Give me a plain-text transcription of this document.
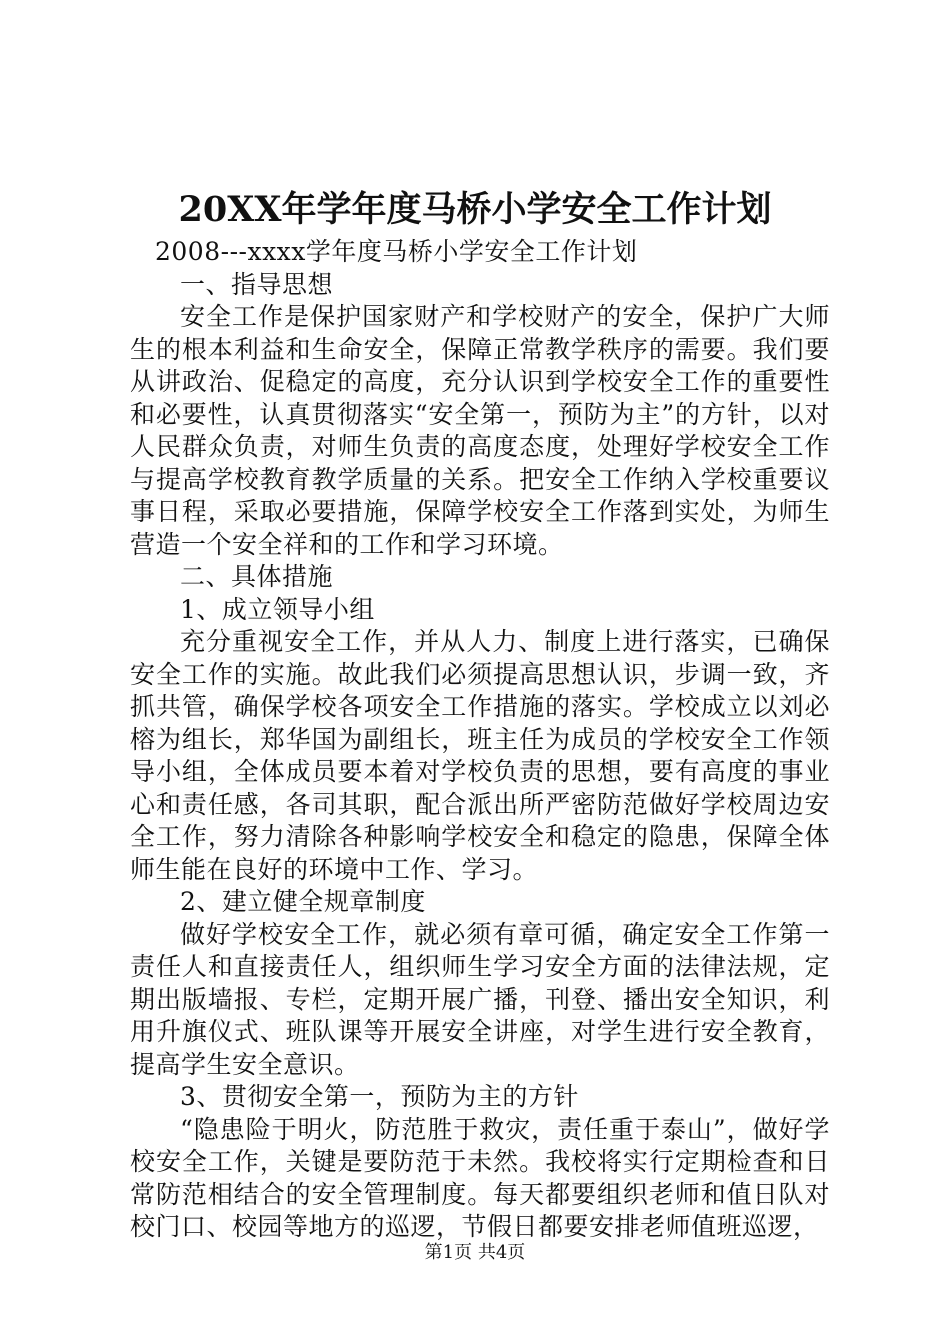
20XX年学年度马桥小学安全工作计划

2008---xxxx学年度马桥小学安全工作计划

一、指导思想

安全工作是保护国家财产和学校财产的安全，保护广大师生的根本利益和生命安全，保障正常教学秩序的需要。我们要从讲政治、促稳定的高度，充分认识到学校安全工作的重要性和必要性，认真贯彻落实“安全第一，预防为主”的方针，以对人民群众负责，对师生负责的高度态度，处理好学校安全工作与提高学校教育教学质量的关系。把安全工作纳入学校重要议事日程，采取必要措施，保障学校安全工作落到实处，为师生营造一个安全祥和的工作和学习环境。

二、具体措施

1、成立领导小组

充分重视安全工作，并从人力、制度上进行落实，已确保安全工作的实施。故此我们必须提高思想认识，步调一致，齐抓共管，确保学校各项安全工作措施的落实。学校成立以刘必榕为组长，郑华国为副组长，班主任为成员的学校安全工作领导小组，全体成员要本着对学校负责的思想，要有高度的事业心和责任感，各司其职，配合派出所严密防范做好学校周边安全工作，努力清除各种影响学校安全和稳定的隐患，保障全体师生能在良好的环境中工作、学习。

2、建立健全规章制度

做好学校安全工作，就必须有章可循，确定安全工作第一责任人和直接责任人，组织师生学习安全方面的法律法规，定期出版墙报、专栏，定期开展广播，刊登、播出安全知识，利用升旗仪式、班队课等开展安全讲座，对学生进行安全教育，提高学生安全意识。

3、贯彻安全第一，预防为主的方针

“隐患险于明火，防范胜于救灾，责任重于泰山”，做好学校安全工作，关键是要防范于未然。我校将实行定期检查和日常防范相结合的安全管理制度。每天都要组织老师和值日队对校门口、校园等地方的巡逻，节假日都要安排老师值班巡逻，

第1页 共4页
